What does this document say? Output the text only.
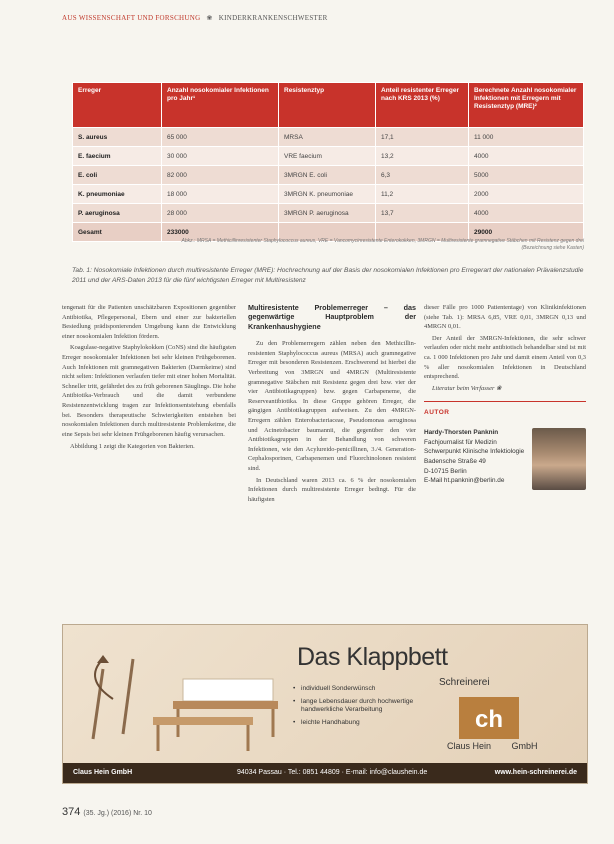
AUS WISSENSCHAFT UND FORSCHUNG ❀ KINDERKRANKENSCHWESTER
Erreger	Anzahl nosokomialer Infektionen pro Jahr¹	Resistenztyp	Anteil resistenter Erreger nach KRS 2013 (%)	Berechnete Anzahl nosokomialer Infektionen mit Erregern mit Resistenztyp (MRE)²
S. aureus	65 000	MRSA	17,1	11 000
E. faecium	30 000	VRE faecium	13,2	4000
E. coli	82 000	3MRGN E. coli	6,3	5000
K. pneumoniae	18 000	3MRGN K. pneumoniae	11,2	2000
P. aeruginosa	28 000	3MRGN P. aeruginosa	13,7	4000
Gesamt	233000			29000
Abkz.: MRSA = Methicillinresistenter Staphylococcus aureus, VRE = Vancomycinresistente Enterokokken, 3MRGN = Multiresistente gramnegative Stäbchen mit Resistenz gegen drei (Bezeichnung siehe Kasten)
Tab. 1: Nosokomiale Infektionen durch multiresistente Erreger (MRE): Hochrechnung auf der Basis der nosokomialen Infektionen pro Erregerart der nationalen Prävalenzstudie 2011 und der ARS-Daten 2013 für die fünf wichtigsten Erreger mit Multiresistenz

tengenatt für die Patienten unschätzbaren Expositionen gegenüber Antibiotika, Pflegepersonal, Ebern und einer zur bakteriellen Besiedlung prädisponierenden Umgebung kann die Entwicklung einer nosokomialen Infektion fördern.

Koagulase-negative Staphylokokken (CoNS) sind die häufigsten Erreger nosokomialer Infektionen bei sehr kleinen Frühgeborenen. Auch Infektionen mit gramnegativen Bakterien (Darmkeime) sind nicht selten: Infektionen verlaufen tiefer mit einer hohen Mortalität. Schneller tritt, gefährdet des zu früh geborenen Säuglings. Die hohe Antibiotika-Verbrauch und die damit verbundene Resistenzentwicklung tragen zur Infektionsentstehung ebenfalls bei. Besonders therapeutische Schwierigkeiten entstehen bei nosokomialen Infektionen durch multiresistente Problemkeime, die eine Sepsis bei sehr kleinen Frühgeborenen häufig verursachen.

Abbildung 1 zeigt die Kategorien von Bakterien.

Multiresistente Problemerreger – das gegenwärtige Hauptproblem der Krankenhaushygiene

Zu den Problemerregern zählen neben den Methicillin-resistenten Staphylococcus aureus (MRSA) auch gramnegative Erreger mit besonderen Resistenzen. Erschwerend ist hierbei die Verbreitung von 3MRGN und 4MRGN (Multiresistente gramnegative Stäbchen mit Resistenz gegen drei bzw. vier der vier Antibiotikagruppen) bzw. gegen Carbapeneme, die Reserveantibiotika. In diese Gruppe gehören Erreger, die gängigen Antibiotikagruppen aufweisen. Zu den 4MRGN-Erregern zählen Enterobacteriaceae, Pseudomonas aeruginosa und Acinetobacter baumannii, die gegenüber den vier Antibiotikagruppen in der Behandlung von schweren Infektionen, wie den Acylureido-penicillinen, 3./4. Generation-Cephalosporinen, Carbapenemen und Fluorchinolonen resistent sind.

In Deutschland waren 2013 ca. 6 % der nosokomialen Infektionen durch multiresistente Erreger bedingt. Für die häufigsten

dieser Fälle pro 1000 Patiententage) von Klinikinfektionen (siehe Tab. 1): MRSA 6,85, VRE 0,01, 3MRGN 0,13 und 4MRGN 0,01.

Der Anteil der 3MRGN-Infektionen, die sehr schwer verlaufen oder nicht mehr antibiotisch behandelbar sind ist mit ca. 1 000 Infektionen pro Jahr und damit einem Anteil von 0,3 % aller nosokomialen Infektionen in Deutschland entsprechend.

Literatur beim Verfasser ❀

AUTOR
Hardy-Thorsten Panknin
Fachjournalist für Medizin
Schwerpunkt Klinische Infektiologie
Badensche Straße 49
D-10715 Berlin
E-Mail ht.panknin@berlin.de
Das Klappbett
• individuell Sonderwünsch
• lange Lebensdauer durch hochwertige handwerkliche Verarbeitung
• leichte Handhabung
Schreinerei
ch
Claus Hein GmbH
Claus Hein GmbH	94034 Passau · Tel.: 0851 44809 · E-mail: info@claushein.de	www.hein-schreinerei.de
374 (35. Jg.) (2016) Nr. 10
